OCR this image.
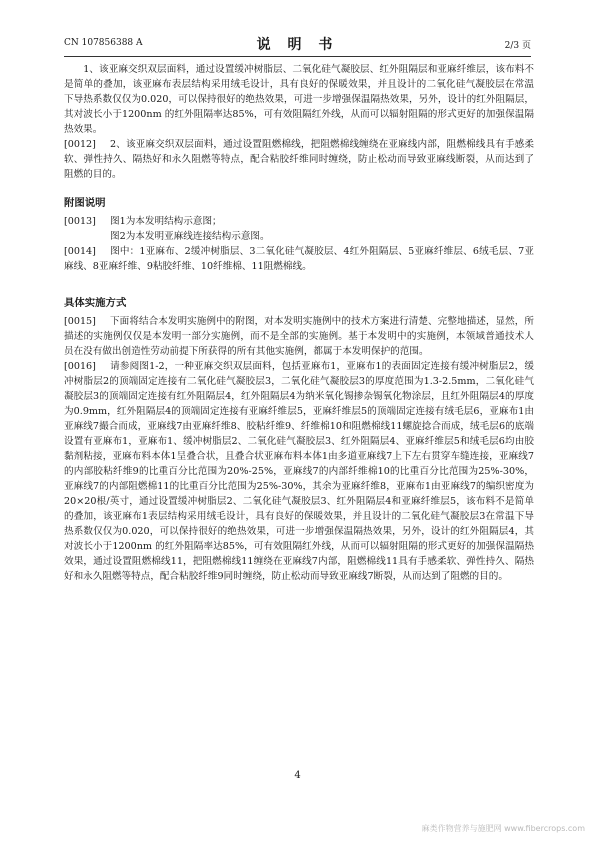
CN 107856388 A	说 明 书	2/3 页

1、该亚麻交织双层面料，通过设置缓冲树脂层、二氧化硅气凝胶层、红外阻隔层和亚麻纤维层，该布料不是简单的叠加，该亚麻布表层结构采用绒毛设计，具有良好的保暖效果，并且设计的二氧化硅气凝胶层在常温下导热系数仅仅为0.020，可以保持很好的绝热效果，可进一步增强保温隔热效果，另外，设计的红外阻隔层，其对波长小于1200nm 的红外阻隔率达85%，可有效阻隔红外线，从而可以辐射阻隔的形式更好的加强保温隔热效果。

[0012] 2、该亚麻交织双层面料，通过设置阻燃棉线，把阻燃棉线缠绕在亚麻线内部，阻燃棉线具有手感柔软、弹性持久、隔热好和永久阻燃等特点，配合粘胶纤维同时缠绕，防止松动而导致亚麻线断裂，从而达到了阻燃的目的。

附图说明

[0013] 图1为本发明结构示意图；

图2为本发明亚麻线连接结构示意图。

[0014] 图中：1亚麻布、2缓冲树脂层、3二氧化硅气凝胶层、4红外阻隔层、5亚麻纤维层、6绒毛层、7亚麻线、8亚麻纤维、9粘胶纤维、10纤维棉、11阻燃棉线。

具体实施方式

[0015] 下面将结合本发明实施例中的附图，对本发明实施例中的技术方案进行清楚、完整地描述，显然，所描述的实施例仅仅是本发明一部分实施例，而不是全部的实施例。基于本发明中的实施例，本领域普通技术人员在没有做出创造性劳动前提下所获得的所有其他实施例，都属于本发明保护的范围。

[0016] 请参阅图1-2，一种亚麻交织双层面料，包括亚麻布1，亚麻布1的表面固定连接有缓冲树脂层2，缓冲树脂层2的顶端固定连接有二氧化硅气凝胶层3，二氧化硅气凝胶层3的厚度范围为1.3-2.5mm，二氧化硅气凝胶层3的顶端固定连接有红外阻隔层4，红外阻隔层4为纳米氧化锡掺杂锡氧化物涂层，且红外阻隔层4的厚度为0.9mm，红外阻隔层4的顶端固定连接有亚麻纤维层5，亚麻纤维层5的顶端固定连接有绒毛层6，亚麻布1由亚麻线7撮合而成，亚麻线7由亚麻纤维8、胶粘纤维9、纤维棉10和阻燃棉线11螺旋捻合而成，绒毛层6的底端设置有亚麻布1，亚麻布1、缓冲树脂层2、二氧化硅气凝胶层3、红外阻隔层4、亚麻纤维层5和绒毛层6均由胶黏剂粘接，亚麻布料本体1呈叠合状，且叠合状亚麻布料本体1由多道亚麻线7上下左右贯穿车缝连接，亚麻线7的内部胶粘纤维9的比重百分比范围为20%-25%，亚麻线7的内部纤维棉10的比重百分比范围为25%-30%，亚麻线7的内部阻燃棉11的比重百分比范围为25%-30%，其余为亚麻纤维8，亚麻布1由亚麻线7的编织密度为20×20根/英寸，通过设置缓冲树脂层2、二氧化硅气凝胶层3、红外阻隔层4和亚麻纤维层5，该布料不是简单的叠加，该亚麻布1表层结构采用绒毛设计，具有良好的保暖效果，并且设计的二氧化硅气凝胶层3在常温下导热系数仅仅为0.020，可以保持很好的绝热效果，可进一步增强保温隔热效果，另外，设计的红外阻隔层4，其对波长小于1200nm 的红外阻隔率达85%，可有效阻隔红外线，从而可以辐射阻隔的形式更好的加强保温隔热效果，通过设置阻燃棉线11，把阻燃棉线11缠绕在亚麻线7内部，阻燃棉线11具有手感柔软、弹性持久、隔热好和永久阻燃等特点，配合粘胶纤维9同时缠绕，防止松动而导致亚麻线7断裂，从而达到了阻燃的目的。

4
麻类作物营养与施肥网 www.fibercrops.com
